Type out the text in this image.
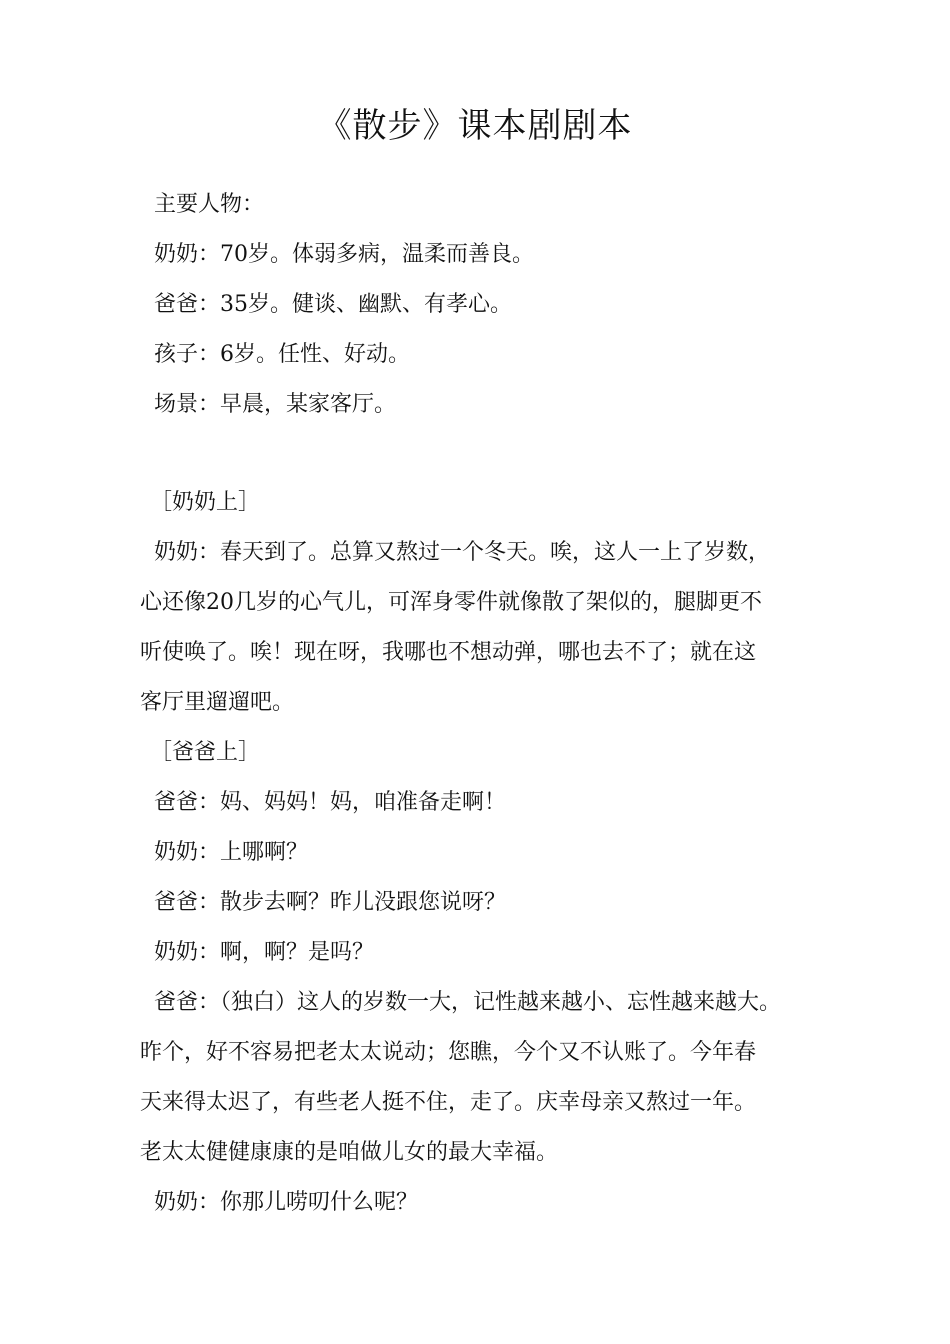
《散步》课本剧剧本
主要人物：
奶奶：70岁。体弱多病，温柔而善良。
爸爸：35岁。健谈、幽默、有孝心。
孩子：6岁。任性、好动。
场景：早晨，某家客厅。
［奶奶上］
奶奶：春天到了。总算又熬过一个冬天。唉，这人一上了岁数，
心还像20几岁的心气儿，可浑身零件就像散了架似的，腿脚更不
听使唤了。唉！现在呀，我哪也不想动弹，哪也去不了；就在这
客厅里遛遛吧。
［爸爸上］
爸爸：妈、妈妈！妈，咱准备走啊！
奶奶：上哪啊？
爸爸：散步去啊？昨儿没跟您说呀？
奶奶：啊，啊？是吗？
爸爸：（独白）这人的岁数一大，记性越来越小、忘性越来越大。
昨个，好不容易把老太太说动；您瞧，今个又不认账了。今年春
天来得太迟了，有些老人挺不住，走了。庆幸母亲又熬过一年。
老太太健健康康的是咱做儿女的最大幸福。
奶奶：你那儿唠叨什么呢？
